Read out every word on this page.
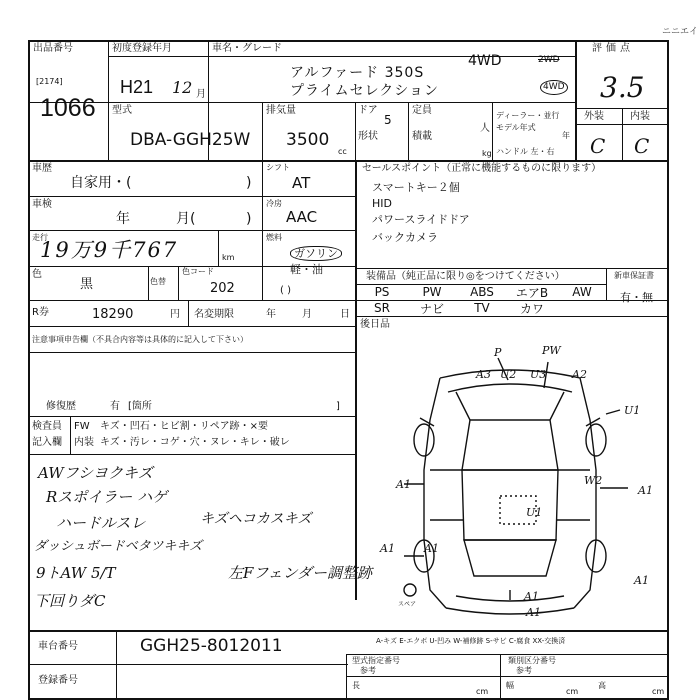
ニニエイ
出品番号
[2174]
1066
初度登録年月
H21 12 月
車名・グレード
アルファード 350S
プライムセレクション
4WD	2WD
4WD
評価点
3.5
型式
DBA-GGH25W
排気量
3500
cc
ドア
5
形状
定員
人
積載
kg
ディーラー・並行
モデル年式
年
ハンドル 左・右
外装	内装
C C
車歴
自家用・(	)
車検
年	月(	)
走行
19万9千767	km
色
黒	色替
色コード
202
シフト
AT
冷房
AAC
燃料
ガソリン
軽・油
( )
セールスポイント（正常に機能するものに限ります）
スマートキー２個
HID
パワースライドドア
バックカメラ
装備品（純正品に限り◎をつけてください）
PS	PW	ABS	エアB	AW
SR	ナビ	TV	カワ
新車保証書
有・無
R券	18290	円 名変期限	年	月	日
後日品
注意事項申告欄（不具合内容等は具体的に記入して下さい）
修復歴	有 [箇所	]
検査員 FW キズ・凹石・ヒビ割・リペア跡・×要
記入欄 内装 キズ・汚レ・コゲ・穴・ヌレ・キレ・破レ
AWフシヨクキズ
Rスポイラー ハゲ
ハードルスレ	キズヘコカスキズ
ダッシュボードベタツキキズ
9トAW 5/T	左Fフェンダー調整跡
下回りダC
P	PW
A3 U2 U3 A2
U1
A1	W2
A1
A1
U1
A1
A1
A1
A1
スペア
A-キズ E-エクボ U-凹み W-補修跡 S-サビ C-腐食 XX-交換済
車台番号	GGH25-8012011
登録番号
型式指定番号
参考
類別区分番号
参考
長
cm
幅
cm
高
cm
